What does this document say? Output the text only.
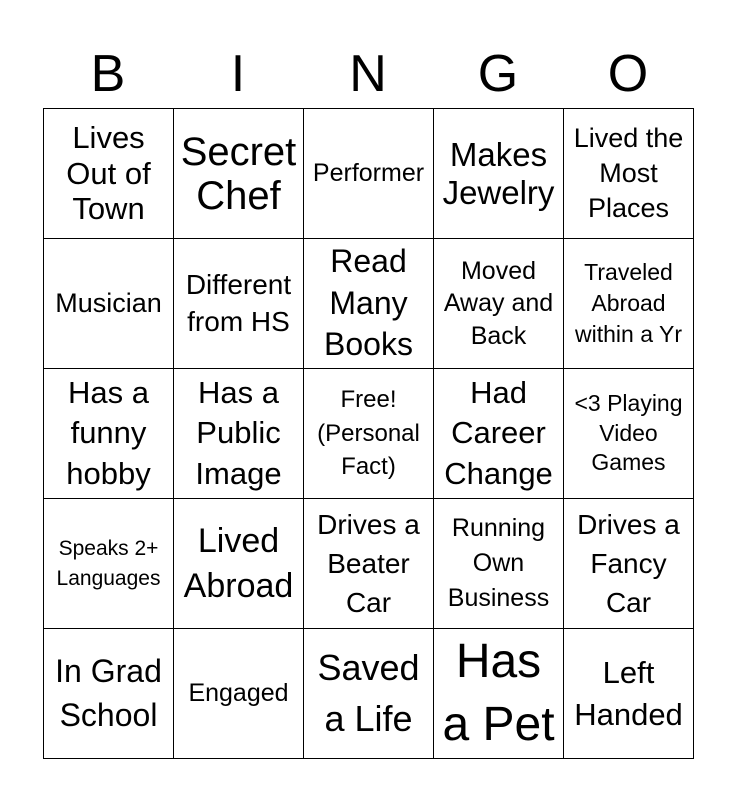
B	I	N	G	O
Lives Out of Town	Secret Chef	Performer	Makes Jewelry	Lived the Most Places
Musician	Different from HS	Read Many Books	Moved Away and Back	Traveled Abroad within a Yr
Has a funny hobby	Has a Public Image	Free! (Personal Fact)	Had Career Change	<3 Playing Video Games
Speaks 2+ Languages	Lived Abroad	Drives a Beater Car	Running Own Business	Drives a Fancy Car
In Grad School	Engaged	Saved a Life	Has a Pet	Left Handed
